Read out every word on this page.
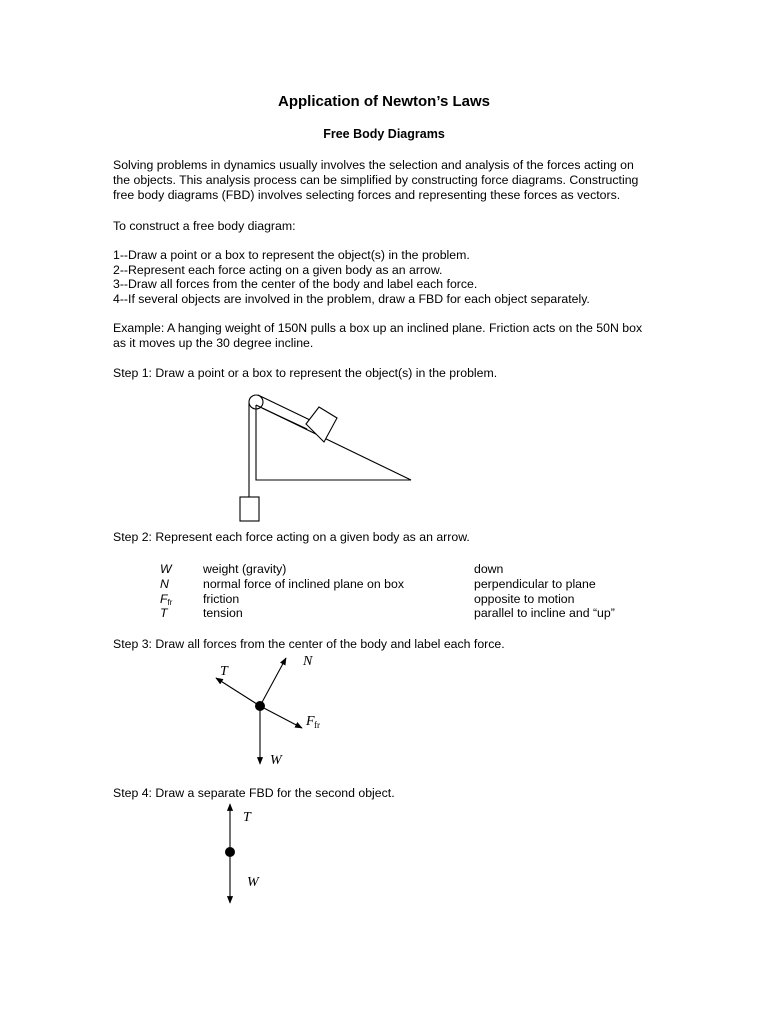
Application of Newton’s Laws
Free Body Diagrams
Solving problems in dynamics usually involves the selection and analysis of the forces acting on
the objects. This analysis process can be simplified by constructing force diagrams. Constructing
free body diagrams (FBD) involves selecting forces and representing these forces as vectors.
To construct a free body diagram:
1--Draw a point or a box to represent the object(s) in the problem.
2--Represent each force acting on a given body as an arrow.
3--Draw all forces from the center of the body and label each force.
4--If several objects are involved in the problem, draw a FBD for each object separately.
Example: A hanging weight of 150N pulls a box up an inclined plane. Friction acts on the 50N box
as it moves up the 30 degree incline.
Step 1: Draw a point or a box to represent the object(s) in the problem.
Step 2: Represent each force acting on a given body as an arrow.
W	weight (gravity)	down
N	normal force of inclined plane on box	perpendicular to plane
$F_{fr}$ friction	opposite to motion
T	tension	parallel to incline and “up”
Step 3: Draw all forces from the center of the body and label each force.
T
N
F fr
W
Step 4: Draw a separate FBD for the second object.
T
W
